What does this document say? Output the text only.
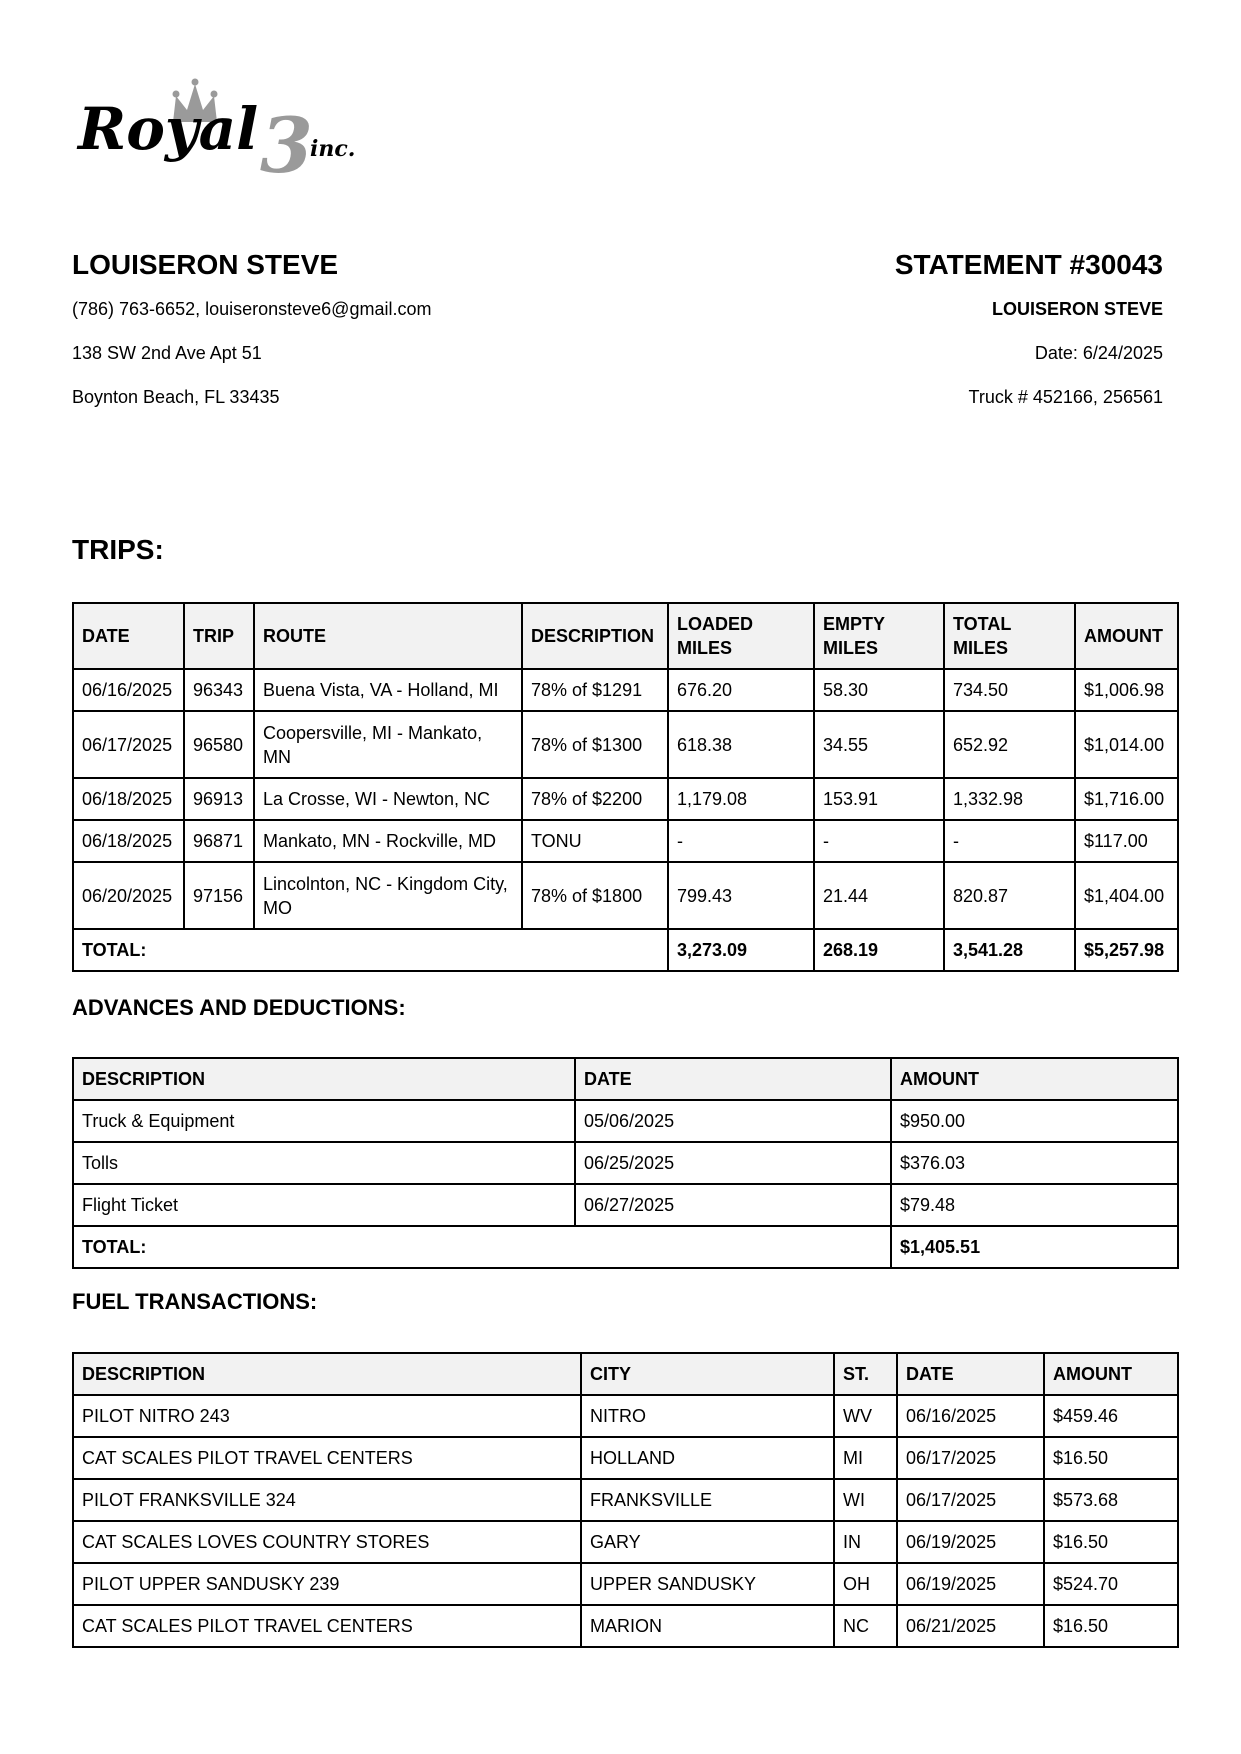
Royal 3
inc.
LOUISERON STEVE
(786) 763-6652, louiseronsteve6@gmail.com
138 SW 2nd Ave Apt 51
Boynton Beach, FL 33435
STATEMENT #30043
LOUISERON STEVE
Date: 6/24/2025
Truck # 452166, 256561
TRIPS:
DATE	TRIP	ROUTE	DESCRIPTION	LOADED MILES	EMPTY MILES	TOTAL MILES	AMOUNT
06/16/2025	96343	Buena Vista, VA - Holland, MI	78% of $1291	676.20	58.30	734.50	$1,006.98
06/17/2025	96580	Coopersville, MI - Mankato, MN	78% of $1300	618.38	34.55	652.92	$1,014.00
06/18/2025	96913	La Crosse, WI - Newton, NC	78% of $2200	1,179.08	153.91	1,332.98	$1,716.00
06/18/2025	96871	Mankato, MN - Rockville, MD	TONU	-	-	-	$117.00
06/20/2025	97156	Lincolnton, NC - Kingdom City, MO	78% of $1800	799.43	21.44	820.87	$1,404.00
TOTAL:				3,273.09	268.19	3,541.28	$5,257.98
ADVANCES AND DEDUCTIONS:
DESCRIPTION	DATE	AMOUNT
Truck & Equipment	05/06/2025	$950.00
Tolls	06/25/2025	$376.03
Flight Ticket	06/27/2025	$79.48
TOTAL:		$1,405.51
FUEL TRANSACTIONS:
DESCRIPTION	CITY	ST.	DATE	AMOUNT
PILOT NITRO 243	NITRO	WV	06/16/2025	$459.46
CAT SCALES PILOT TRAVEL CENTERS	HOLLAND	MI	06/17/2025	$16.50
PILOT FRANKSVILLE 324	FRANKSVILLE	WI	06/17/2025	$573.68
CAT SCALES LOVES COUNTRY STORES	GARY	IN	06/19/2025	$16.50
PILOT UPPER SANDUSKY 239	UPPER SANDUSKY	OH	06/19/2025	$524.70
CAT SCALES PILOT TRAVEL CENTERS	MARION	NC	06/21/2025	$16.50
